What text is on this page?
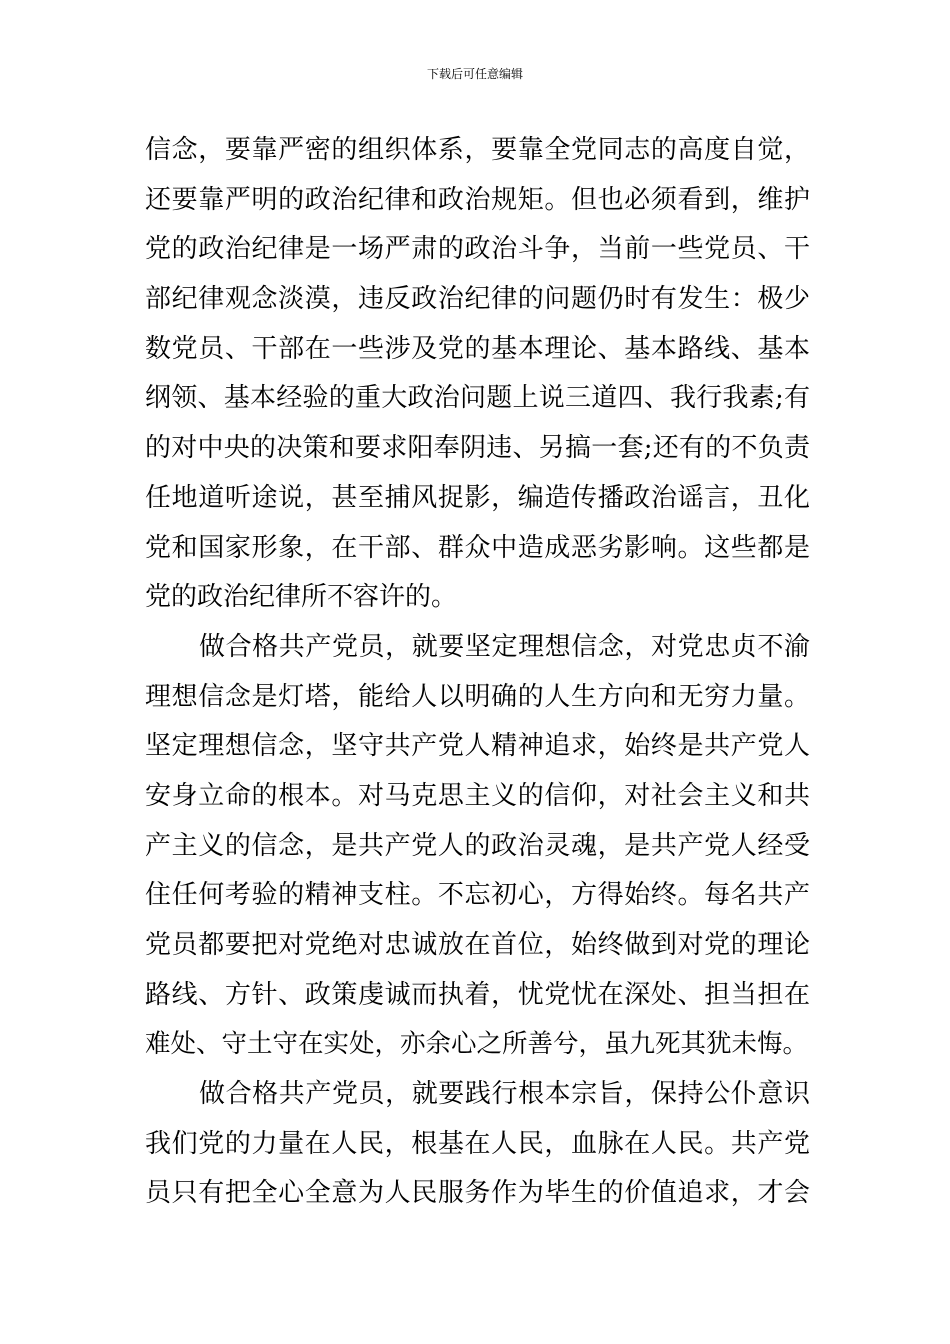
下载后可任意编辑
信念，要靠严密的组织体系，要靠全党同志的高度自觉，
还要靠严明的政治纪律和政治规矩。但也必须看到，维护
党的政治纪律是一场严肃的政治斗争，当前一些党员、干
部纪律观念淡漠，违反政治纪律的问题仍时有发生：极少
数党员、干部在一些涉及党的基本理论、基本路线、基本
纲领、基本经验的重大政治问题上说三道四、我行我素;有
的对中央的决策和要求阳奉阴违、另搞一套;还有的不负责
任地道听途说，甚至捕风捉影，编造传播政治谣言，丑化
党和国家形象，在干部、群众中造成恶劣影响。这些都是
党的政治纪律所不容许的。
做合格共产党员，就要坚定理想信念，对党忠贞不渝
理想信念是灯塔，能给人以明确的人生方向和无穷力量。
坚定理想信念，坚守共产党人精神追求，始终是共产党人
安身立命的根本。对马克思主义的信仰，对社会主义和共
产主义的信念，是共产党人的政治灵魂，是共产党人经受
住任何考验的精神支柱。不忘初心，方得始终。每名共产
党员都要把对党绝对忠诚放在首位，始终做到对党的理论
路线、方针、政策虔诚而执着，忧党忧在深处、担当担在
难处、守土守在实处，亦余心之所善兮，虽九死其犹未悔。
做合格共产党员，就要践行根本宗旨，保持公仆意识
我们党的力量在人民，根基在人民，血脉在人民。共产党
员只有把全心全意为人民服务作为毕生的价值追求，才会
